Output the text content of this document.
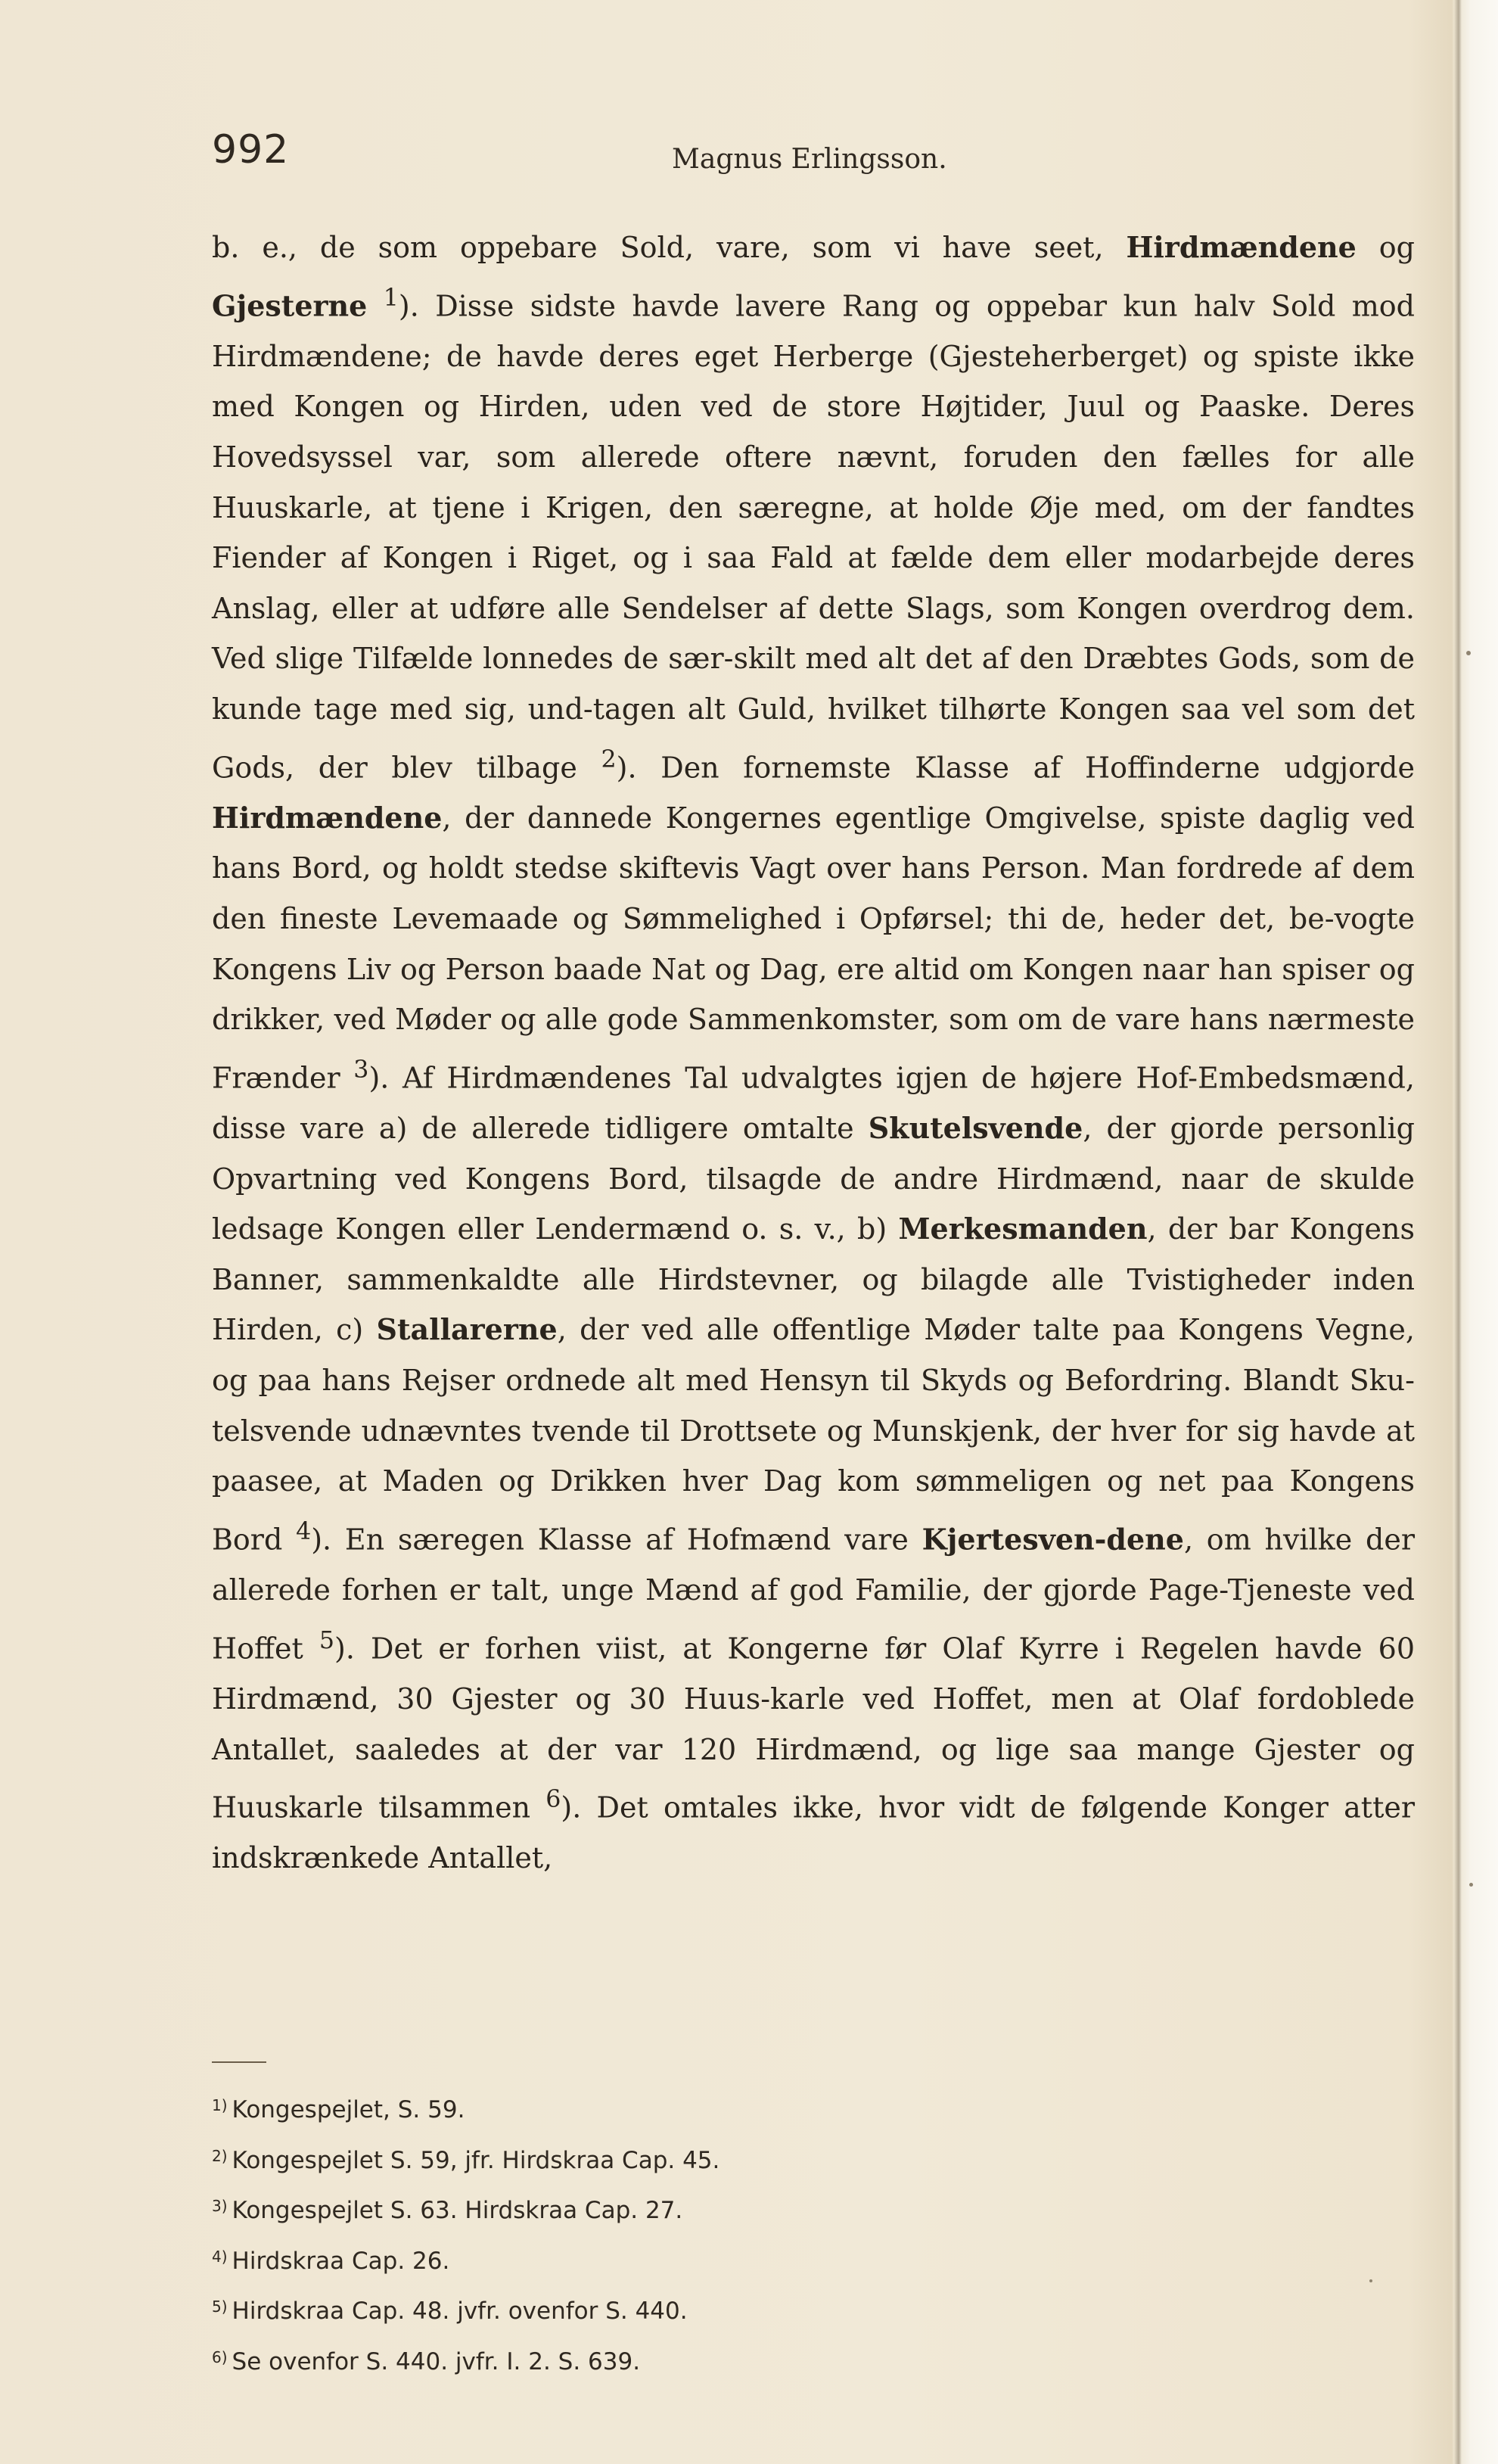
992	Magnus Erlingsson.

b. e., de som oppebare Sold, vare, som vi have seet, Hirdmændene og Gjesterne $^1$). Disse sidste havde lavere Rang og oppebar kun halv Sold mod Hirdmændene; de havde deres eget Herberge (Gjesteherberget) og spiste ikke med Kongen og Hirden, uden ved de store Højtider, Juul og Paaske. Deres Hovedsyssel var, som allerede oftere nævnt, foruden den fælles for alle Huuskarle, at tjene i Krigen, den særegne, at holde Øje med, om der fandtes Fiender af Kongen i Riget, og i saa Fald at fælde dem eller modarbejde deres Anslag, eller at udføre alle Sendelser af dette Slags, som Kongen overdrog dem. Ved slige Tilfælde lonnedes de sær-skilt med alt det af den Dræbtes Gods, som de kunde tage med sig, und-tagen alt Guld, hvilket tilhørte Kongen saa vel som det Gods, der blev tilbage $^2$). Den fornemste Klasse af Hoffinderne udgjorde Hirdmændene, der dannede Kongernes egentlige Omgivelse, spiste daglig ved hans Bord, og holdt stedse skiftevis Vagt over hans Person. Man fordrede af dem den fineste Levemaade og Sømmelighed i Opførsel; thi de, heder det, be-vogte Kongens Liv og Person baade Nat og Dag, ere altid om Kongen naar han spiser og drikker, ved Møder og alle gode Sammenkomster, som om de vare hans nærmeste Frænder $^3$). Af Hirdmændenes Tal udvalgtes igjen de højere Hof-Embedsmænd, disse vare a) de allerede tidligere omtalte Skutelsvende, der gjorde personlig Opvartning ved Kongens Bord, tilsagde de andre Hirdmænd, naar de skulde ledsage Kongen eller Lendermænd o. s. v., b) Merkesmanden, der bar Kongens Banner, sammenkaldte alle Hirdstevner, og bilagde alle Tvistigheder inden Hirden, c) Stallarerne, der ved alle offentlige Møder talte paa Kongens Vegne, og paa hans Rejser ordnede alt med Hensyn til Skyds og Befordring. Blandt Sku-telsvende udnævntes tvende til Drottsete og Munskjenk, der hver for sig havde at paasee, at Maden og Drikken hver Dag kom sømmeligen og net paa Kongens Bord $^4$). En særegen Klasse af Hofmænd vare Kjertesven-dene, om hvilke der allerede forhen er talt, unge Mænd af god Familie, der gjorde Page-Tjeneste ved Hoffet $^5$). Det er forhen viist, at Kongerne før Olaf Kyrre i Regelen havde 60 Hirdmænd, 30 Gjester og 30 Huus-karle ved Hoffet, men at Olaf fordoblede Antallet, saaledes at der var 120 Hirdmænd, og lige saa mange Gjester og Huuskarle tilsammen $^6$). Det omtales ikke, hvor vidt de følgende Konger atter indskrænkede Antallet,

$^{1)}$ Kongespejlet, S. 59.
$^{2)}$ Kongespejlet S. 59, jfr. Hirdskraa Cap. 45.
$^{3)}$ Kongespejlet S. 63. Hirdskraa Cap. 27.
$^{4)}$ Hirdskraa Cap. 26.
$^{5)}$ Hirdskraa Cap. 48. jvfr. ovenfor S. 440.
$^{6)}$ Se ovenfor S. 440. jvfr. I. 2. S. 639.
